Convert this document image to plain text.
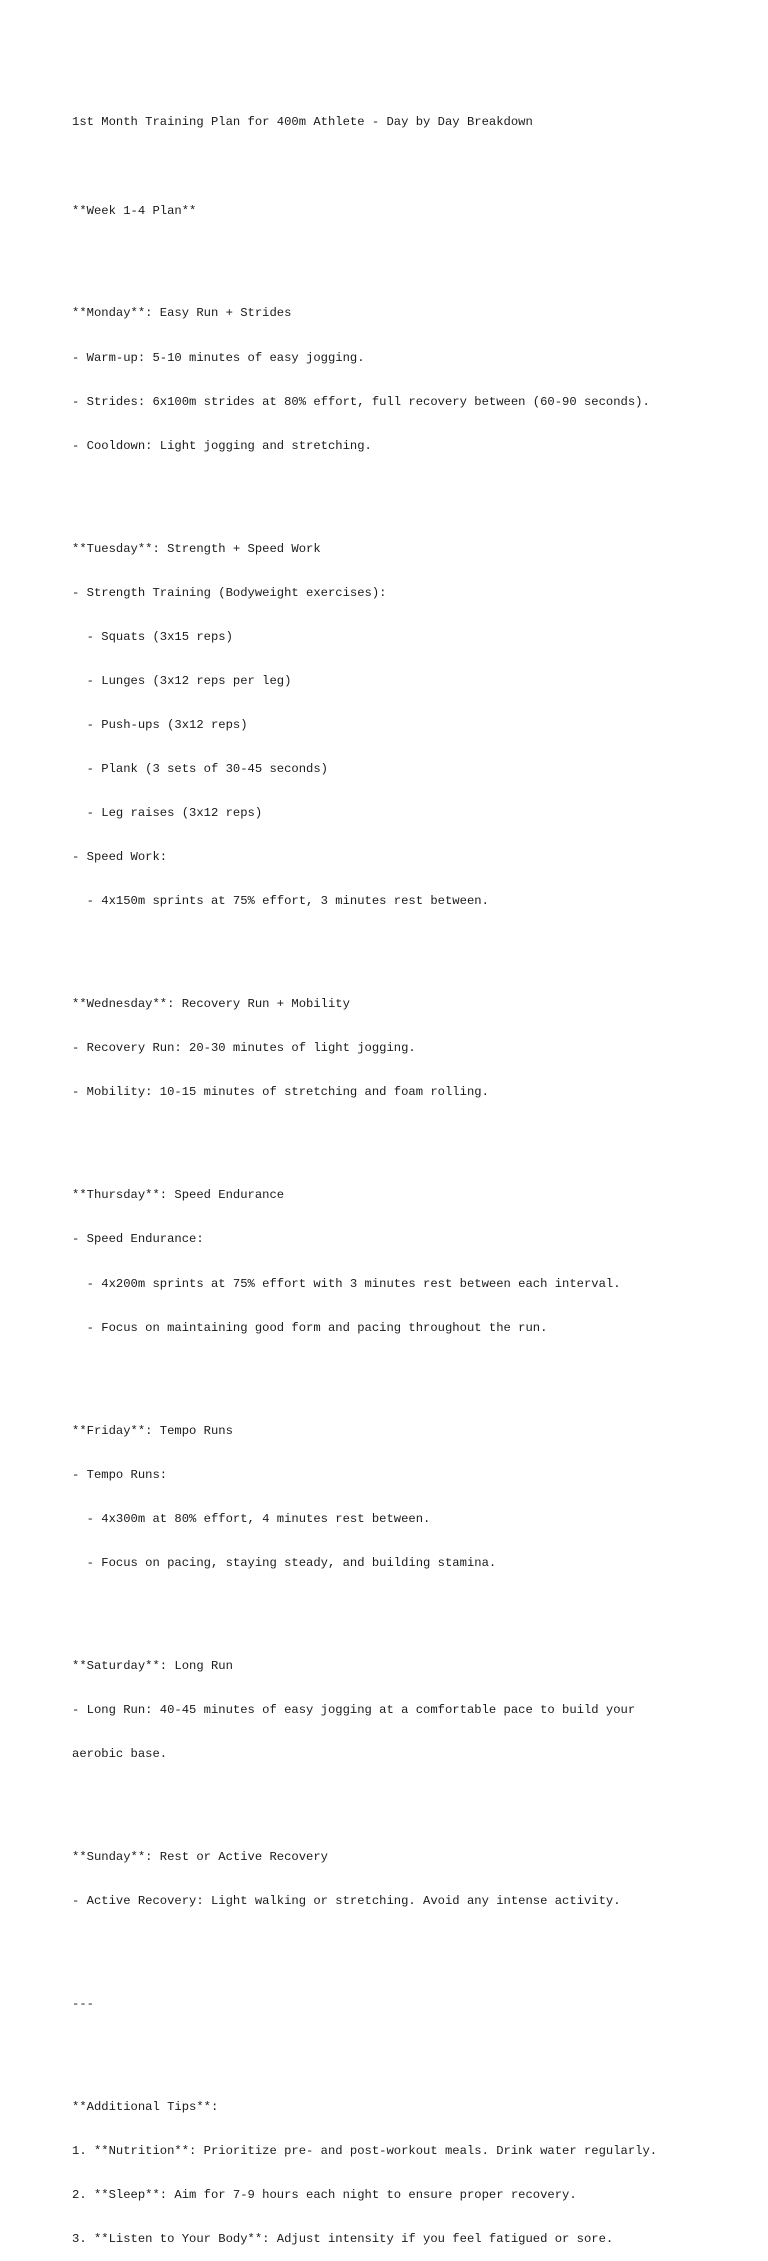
1st Month Training Plan for 400m Athlete - Day by Day Breakdown

**Week 1-4 Plan**

**Monday**: Easy Run + Strides

- Warm-up: 5-10 minutes of easy jogging.

- Strides: 6x100m strides at 80% effort, full recovery between (60-90 seconds).

- Cooldown: Light jogging and stretching.

**Tuesday**: Strength + Speed Work

- Strength Training (Bodyweight exercises):

- Squats (3x15 reps)

- Lunges (3x12 reps per leg)

- Push-ups (3x12 reps)

- Plank (3 sets of 30-45 seconds)

- Leg raises (3x12 reps)

- Speed Work:

- 4x150m sprints at 75% effort, 3 minutes rest between.

**Wednesday**: Recovery Run + Mobility

- Recovery Run: 20-30 minutes of light jogging.

- Mobility: 10-15 minutes of stretching and foam rolling.

**Thursday**: Speed Endurance

- Speed Endurance:

- 4x200m sprints at 75% effort with 3 minutes rest between each interval.

- Focus on maintaining good form and pacing throughout the run.

**Friday**: Tempo Runs

- Tempo Runs:

- 4x300m at 80% effort, 4 minutes rest between.

- Focus on pacing, staying steady, and building stamina.

**Saturday**: Long Run

- Long Run: 40-45 minutes of easy jogging at a comfortable pace to build your

aerobic base.

**Sunday**: Rest or Active Recovery

- Active Recovery: Light walking or stretching. Avoid any intense activity.

---

**Additional Tips**:

1. **Nutrition**: Prioritize pre- and post-workout meals. Drink water regularly.

2. **Sleep**: Aim for 7-9 hours each night to ensure proper recovery.

3. **Listen to Your Body**: Adjust intensity if you feel fatigued or sore.
